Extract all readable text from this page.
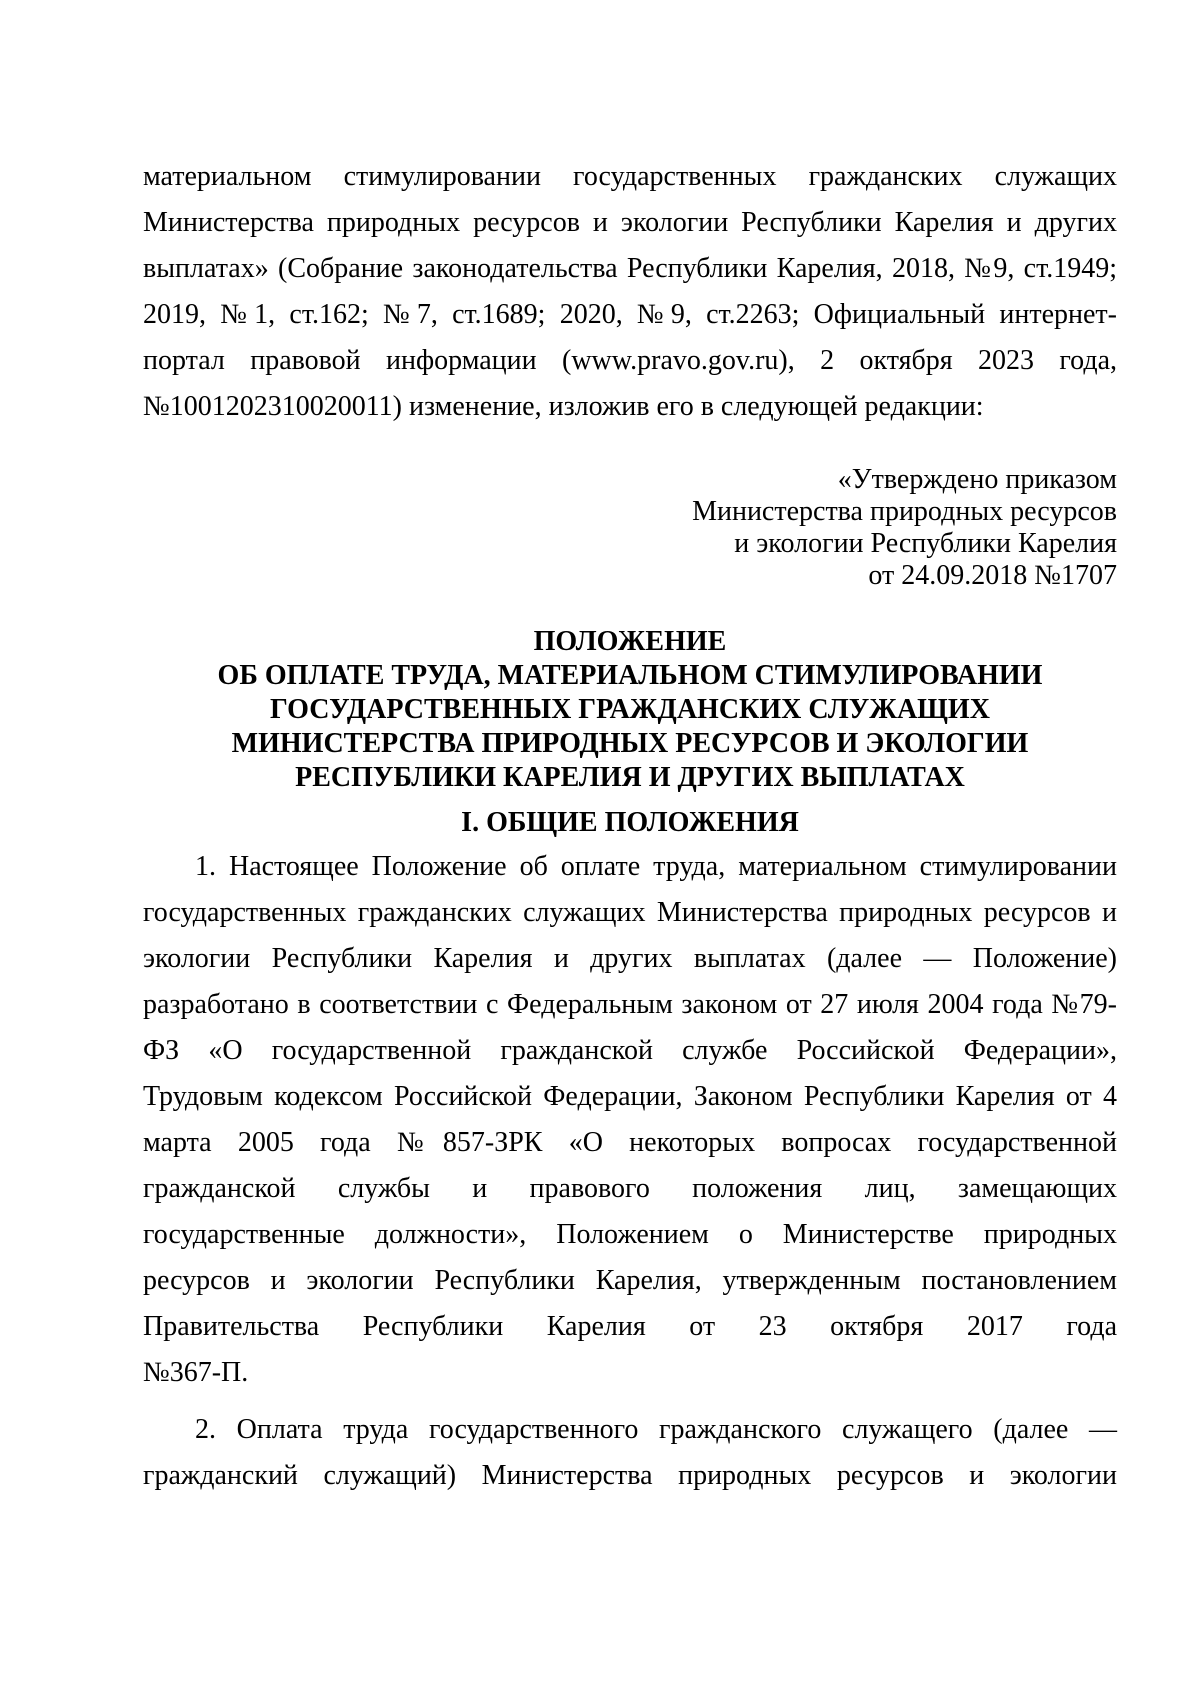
материальном стимулировании государственных гражданских служащих
Министерства природных ресурсов и экологии Республики Карелия и других
выплатах» (Собрание законодательства Республики Карелия, 2018, №9, ст.1949;
2019, №1, ст.162; №7, ст.1689; 2020, №9, ст.2263; Официальный интернет-
портал правовой информации (www.pravo.gov.ru), 2 октября 2023 года,
№1001202310020011) изменение, изложив его в следующей редакции:
«Утверждено приказом
Министерства природных ресурсов
и экологии Республики Карелия
от 24.09.2018 №1707
ПОЛОЖЕНИЕ
ОБ ОПЛАТЕ ТРУДА, МАТЕРИАЛЬНОМ СТИМУЛИРОВАНИИ
ГОСУДАРСТВЕННЫХ ГРАЖДАНСКИХ СЛУЖАЩИХ
МИНИСТЕРСТВА ПРИРОДНЫХ РЕСУРСОВ И ЭКОЛОГИИ
РЕСПУБЛИКИ КАРЕЛИЯ И ДРУГИХ ВЫПЛАТАХ
I. ОБЩИЕ ПОЛОЖЕНИЯ
1. Настоящее Положение об оплате труда, материальном стимулировании
государственных гражданских служащих Министерства природных ресурсов и
экологии Республики Карелия и других выплатах (далее — Положение)
разработано в соответствии с Федеральным законом от 27 июля 2004 года №79-
ФЗ «О государственной гражданской службе Российской Федерации»,
Трудовым кодексом Российской Федерации, Законом Республики Карелия от 4
марта 2005 года №857-ЗРК «О некоторых вопросах государственной
гражданской службы и правового положения лиц, замещающих
государственные должности», Положением о Министерстве природных
ресурсов и экологии Республики Карелия, утвержденным постановлением
Правительства Республики Карелия от 23 октября 2017 года
№367-П.
2. Оплата труда государственного гражданского служащего (далее —
гражданский служащий) Министерства природных ресурсов и экологии
